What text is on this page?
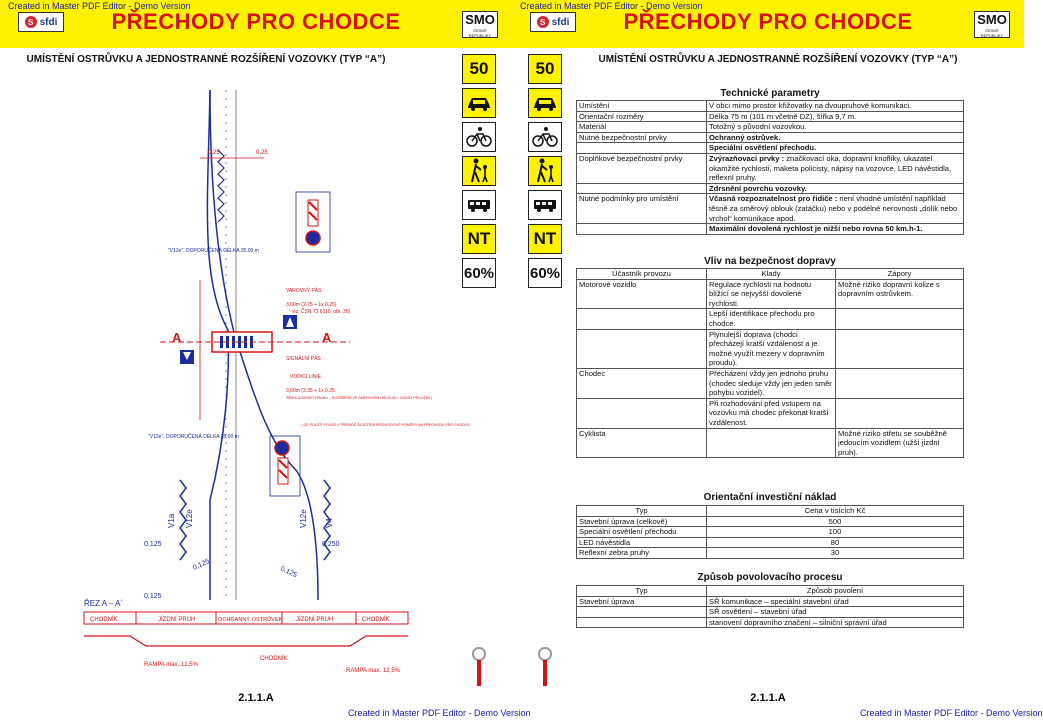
Created in Master PDF Editor - Demo Version
S sfdi	PŘECHODY PRO CHODCE	SMO
ČESKÉ REPUBLIKY
UMÍSTĚNÍ OSTRŮVKU A JEDNOSTRANNÉ ROZŠÍŘENÍ VOZOVKY (TYP “A”)
0,25	0,25
"V12e", DOPORUČENÁ DÉLKA 35,00 m
A	A
VAROVNÝ PÁS
3,00m (2,75 + 1x 0,25)
viz. ČSN 73 6110, obr. 36)
SIGNÁLNÍ PÁS
VODÍCÍ LINIE
3,60m (3,35 + 1x 0,25
ŠÍŘKA JÍZDNÍHO PRUHU – ROZŠÍŘENÍ VE SMĚROVÉM OBLOUKU, VODÍCÍ PROUŽEK)
LZE POUŽÍT POUZE V PŘÍPADĚ ZAJIŠTĚNÍ ROZHLEDOVÉ POMĚRY NA PŘECHODU PRO CHODCE
"V12e", DOPORUČENÁ DÉLKA 35,00 m
V1a V12e	V12e V4
0,125
0,125
0,125
0,125
0,250
ŘEZ A – A´
CHODNÍK	JÍZDNÍ PRUH	OCHRANNÝ OSTRŮVEK JÍZDNÍ PRUH	CHODNÍK
RAMPA max. 12,5%
CHODNÍK
RAMPA max. 12,5%
50
NT
60%
2.1.1.A
Created in Master PDF Editor - Demo Version
Created in Master PDF Editor - Demo Version
S sfdi	PŘECHODY PRO CHODCE	SMO
ČESKÉ REPUBLIKY
50
NT
60%
UMÍSTĚNÍ OSTRŮVKU A JEDNOSTRANNÉ ROZŠÍŘENÍ VOZOVKY (TYP “A”)
Technické parametry
Umístění	V obci mimo prostor křižovatky na dvoupruhové komunikaci.
Orientační rozměry	Délka 75 m (101 m včetně DZ), šířka 9,7 m.
Materiál	Totožný s původní vozovkou.
Nutné bezpečnostní prvky	Ochranný ostrůvek.
	Speciální osvětlení přechodu.
Doplňkové bezpečnostní prvky	Zvýrazňovací prvky : značkovací oka, dopravní knoflíky, ukazatel okamžité rychlosti, maketa policisty, nápisy na vozovce, LED návěstidla, reflexní pruhy.
	Zdrsnění povrchu vozovky.
Nutné podmínky pro umístění	Včasná rozpoznatelnost pro řidiče : není vhodné umístění například těsně za směrový oblouk (zatáčku) nebo v podélné nerovnosti „dolík nebo vrchol“ komunikace apod.
	Maximální dovolená rychlost je nižší nebo rovna 50 km.h-1.
Vliv na bezpečnost dopravy
Účastník provozu	Klady	Zápory
Motorové vozidlo	Regulace rychlosti na hodnotu blížící se nejvyšší dovolené rychlosti.	Možné riziko dopravní kolize s dopravním ostrůvkem.
	Lepší identifikace přechodu pro chodce.	
	Plynulejší doprava (chodci přecházejí kratší vzdálenost a je možné využít mezery v dopravním proudu).	
Chodec	Přecházení vždy jen jednoho pruhu (chodec sleduje vždy jen jeden směr pohybu vozidel).	
	Při rozhodování před vstupem na vozovku má chodec překonat kratší vzdálenost.	
Cyklista		Možné riziko střetu se souběžně jedoucím vozidlem (užší jízdní pruh).
Orientační investiční náklad
Typ	Cena v tisících Kč
Stavební úprava (celkově)	500
Speciální osvětlení přechodu	100
LED návěstidla	80
Reflexní zebra pruhy	30
Způsob povolovacího procesu
Typ	Způsob povolení
Stavební úprava	SŘ komunikace – speciální stavební úřad
	SŘ osvětlení – stavební úřad
	stanovení dopravního značení – silniční správní úřad
2.1.1.A
Created in Master PDF Editor - Demo Version
